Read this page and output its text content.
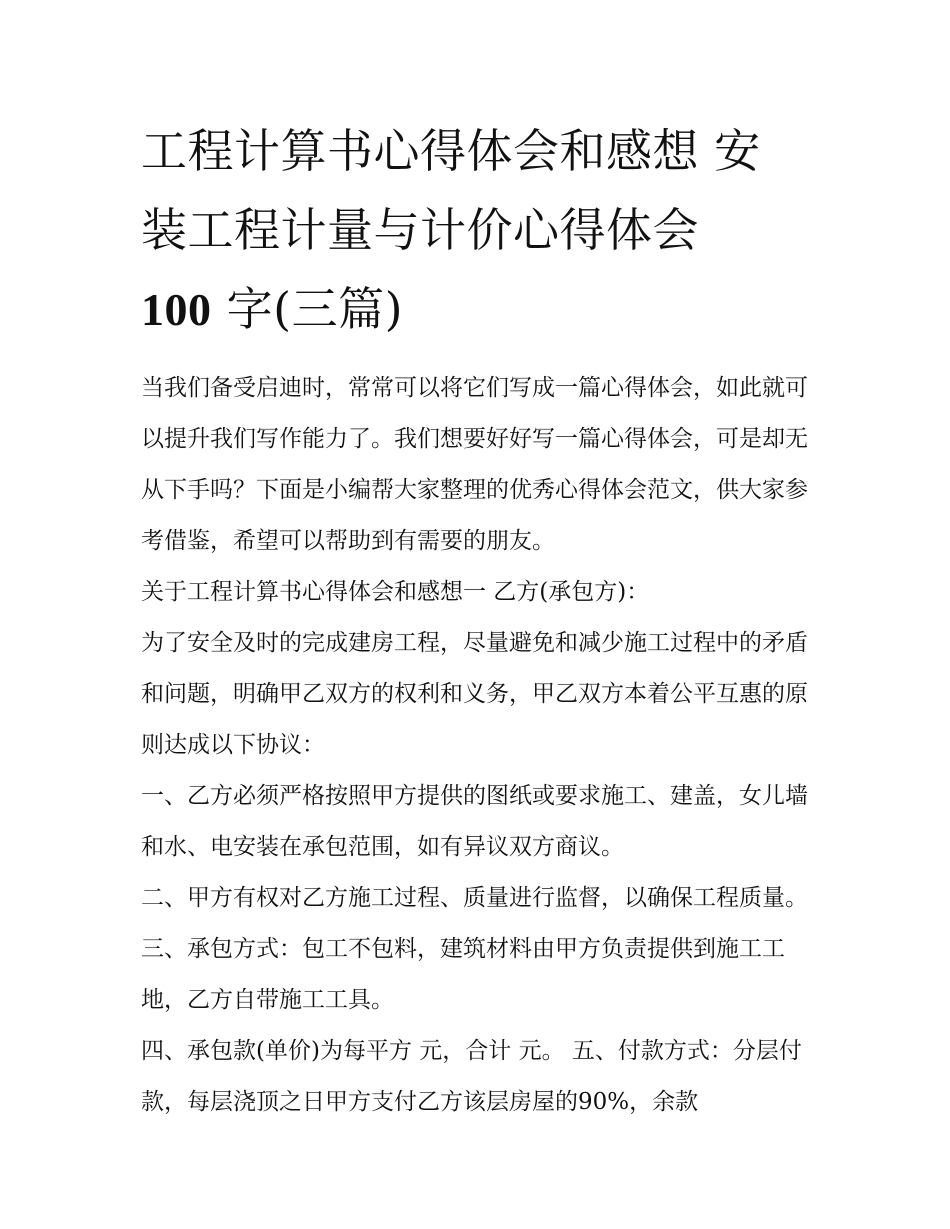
工程计算书心得体会和感想 安
装工程计量与计价心得体会
100 字(三篇)

当我们备受启迪时，常常可以将它们写成一篇心得体会，如此就可以提升我们写作能力了。我们想要好好写一篇心得体会，可是却无从下手吗？下面是小编帮大家整理的优秀心得体会范文，供大家参考借鉴，希望可以帮助到有需要的朋友。

关于工程计算书心得体会和感想一 乙方(承包方)：

为了安全及时的完成建房工程，尽量避免和减少施工过程中的矛盾和问题，明确甲乙双方的权利和义务，甲乙双方本着公平互惠的原则达成以下协议：

一、乙方必须严格按照甲方提供的图纸或要求施工、建盖，女儿墙和水、电安装在承包范围，如有异议双方商议。

二、甲方有权对乙方施工过程、质量进行监督，以确保工程质量。 三、承包方式：包工不包料，建筑材料由甲方负责提供到施工工地，乙方自带施工工具。

四、承包款(单价)为每平方 元，合计 元。 五、付款方式：分层付款，每层浇顶之日甲方支付乙方该层房屋的90%，余款
